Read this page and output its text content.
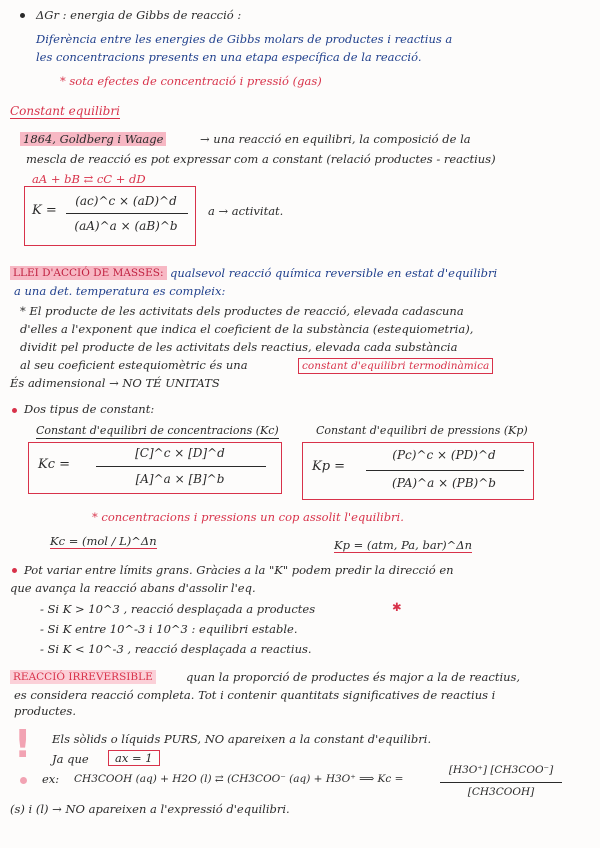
ΔGr : energia de Gibbs de reacció :
Diferència entre les energies de Gibbs molars de productes i reactius a
les concentracions presents en una etapa específica de la reacció.
* sota efectes de concentració i pressió (gas)
Constant equilibri
1864, Goldberg i Waage	→ una reacció en equilibri, la composició de la
mescla de reacció es pot expressar com a constant (relació productes - reactius)
aA + bB ⇄ cC + dD
K =
(ac)^c × (aD)^d
(aA)^a × (aB)^b
a → activitat.
LLEI D'ACCIÓ DE MASSES: qualsevol reacció química reversible en estat d'equilibri
a una det. temperatura es compleix:
* El producte de les activitats dels productes de reacció, elevada cadascuna
d'elles a l'exponent que indica el coeficient de la substància (estequiometria),
dividit pel producte de les activitats dels reactius, elevada cada substància
al seu coeficient estequiomètric és una	constant d'equilibri termodinàmica
És adimensional → NO TÉ UNITATS
Dos tipus de constant:
Constant d'equilibri de concentracions (Kc)	Constant d'equilibri de pressions (Kp)
Kc =
[C]^c × [D]^d
[A]^a × [B]^b
Kp =
(Pc)^c × (PD)^d
(PA)^a × (PB)^b
* concentracions i pressions un cop assolit l'equilibri.
Kc = (mol / L)^Δn	Kp = (atm, Pa, bar)^Δn
Pot variar entre límits grans. Gràcies a la "K" podem predir la direcció en
que avança la reacció abans d'assolir l'eq.
- Si K > 10^3 , reacció desplaçada a productes	✱
- Si K entre 10^-3 i 10^3 : equilibri estable.
- Si K < 10^-3 , reacció desplaçada a reactius.
REACCIÓ IRREVERSIBLE	quan la proporció de productes és major a la de reactius,
es considera reacció completa. Tot i contenir quantitats significatives de reactius i
productes.
! Els sòlids o líquids PURS, NO apareixen a la constant d'equilibri.
Ja que	ax = 1
ex: CH3COOH (aq) + H2O (l) ⇄ (CH3COO⁻ (aq) + H3O⁺ ⟹ Kc =
[H3O⁺] [CH3COO⁻]
[CH3COOH]
(s) i (l) → NO apareixen a l'expressió d'equilibri.
